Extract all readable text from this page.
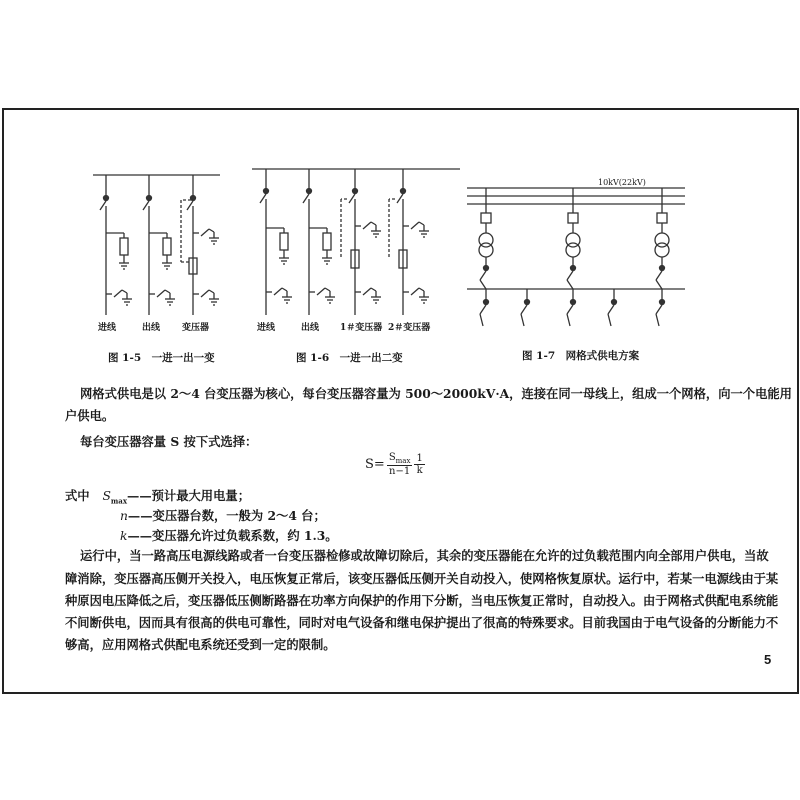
进线	出线 变压器
图 1-5　一进一出一变
进线	出线 1＃变压器 2＃变压器
图 1-6　一进一出二变
10kV(22kV)
图 1-7　网格式供电方案
网格式供电是以 2～4 台变压器为核心，每台变压器容量为 500～2000kV·A，连接在同一母线上，组成一个网格，向一个电能用
户供电。
每台变压器容量 S 按下式选择：
$S= \frac{S_{max}}{n-1} \frac{1}{k}$
式中 $S_{max}——$预计最大用电量；
n——变压器台数，一般为 2～4 台；
k——变压器允许过负载系数，约 1.3。
运行中，当一路高压电源线路或者一台变压器检修或故障切除后，其余的变压器能在允许的过负载范围内向全部用户供电，当故
障消除，变压器高压侧开关投入，电压恢复正常后，该变压器低压侧开关自动投入，使网格恢复原状。运行中，若某一电源线由于某
种原因电压降低之后，变压器低压侧断路器在功率方向保护的作用下分断，当电压恢复正常时，自动投入。由于网格式供配电系统能
不间断供电，因而具有很高的供电可靠性，同时对电气设备和继电保护提出了很高的特殊要求。目前我国由于电气设备的分断能力不
够高，应用网格式供配电系统还受到一定的限制。
5
